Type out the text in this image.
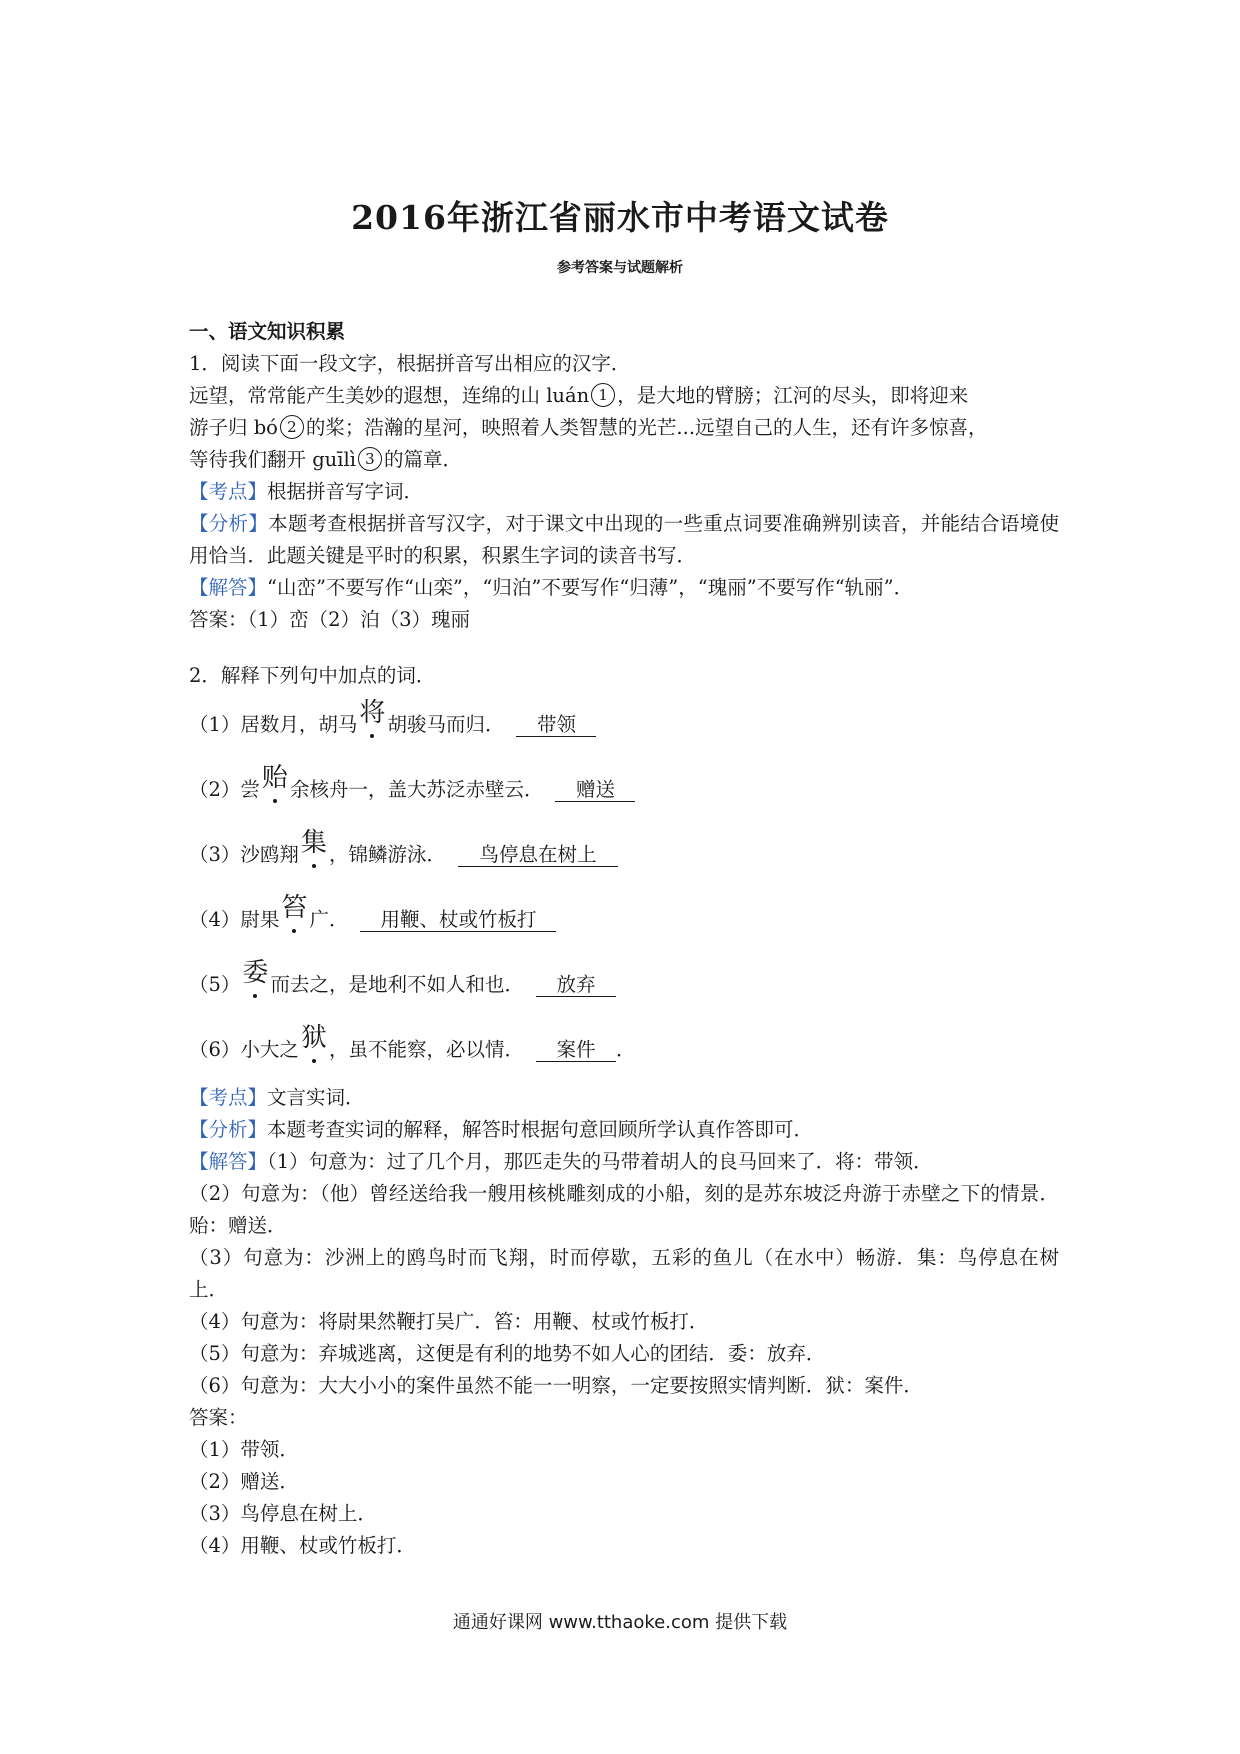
2016年浙江省丽水市中考语文试卷
参考答案与试题解析
一、语文知识积累
1．阅读下面一段文字，根据拼音写出相应的汉字．
远望，常常能产生美妙的遐想，连绵的山 luán 1 ，是大地的臂膀；江河的尽头，即将迎来
游子归 bó 2 的桨；浩瀚的星河，映照着人类智慧的光芒...远望自己的人生，还有许多惊喜，
等待我们翻开 guīlì 3 的篇章．
【考点】根据拼音写字词．
【分析】本题考查根据拼音写汉字，对于课文中出现的一些重点词要准确辨别读音，并能结合语境使用恰当．此题关键是平时的积累，积累生字词的读音书写．
【解答】“山峦”不要写作“山栾”，“归泊”不要写作“归薄”，“瑰丽”不要写作“轨丽”．
答案：（1）峦（2）泊（3）瑰丽
2．解释下列句中加点的词．
（1）居数月，胡马将 胡骏马而归． 带领
（2）尝贻 余核舟一，盖大苏泛赤壁云． 赠送
（3）沙鸥翔集 ，锦鳞游泳． 鸟停息在树上
（4）尉果笞 广． 用鞭、杖或竹板打
（5）委 而去之，是地利不如人和也． 放弃
（6）小大之狱 ，虽不能察，必以情． 案件 ．
【考点】文言实词．
【分析】本题考查实词的解释，解答时根据句意回顾所学认真作答即可．
【解答】（1）句意为：过了几个月，那匹走失的马带着胡人的良马回来了．将：带领．
（2）句意为：（他）曾经送给我一艘用核桃雕刻成的小船，刻的是苏东坡泛舟游于赤壁之下的情景．贻：赠送．
（3）句意为：沙洲上的鸥鸟时而飞翔，时而停歇，五彩的鱼儿（在水中）畅游．集：鸟停息在树上．
（4）句意为：将尉果然鞭打吴广．笞：用鞭、杖或竹板打．
（5）句意为：弃城逃离，这便是有利的地势不如人心的团结．委：放弃．
（6）句意为：大大小小的案件虽然不能一一明察，一定要按照实情判断．狱：案件．
答案：
（1）带领．
（2）赠送．
（3）鸟停息在树上．
（4）用鞭、杖或竹板打．
通通好课网 www.tthaoke.com 提供下载
